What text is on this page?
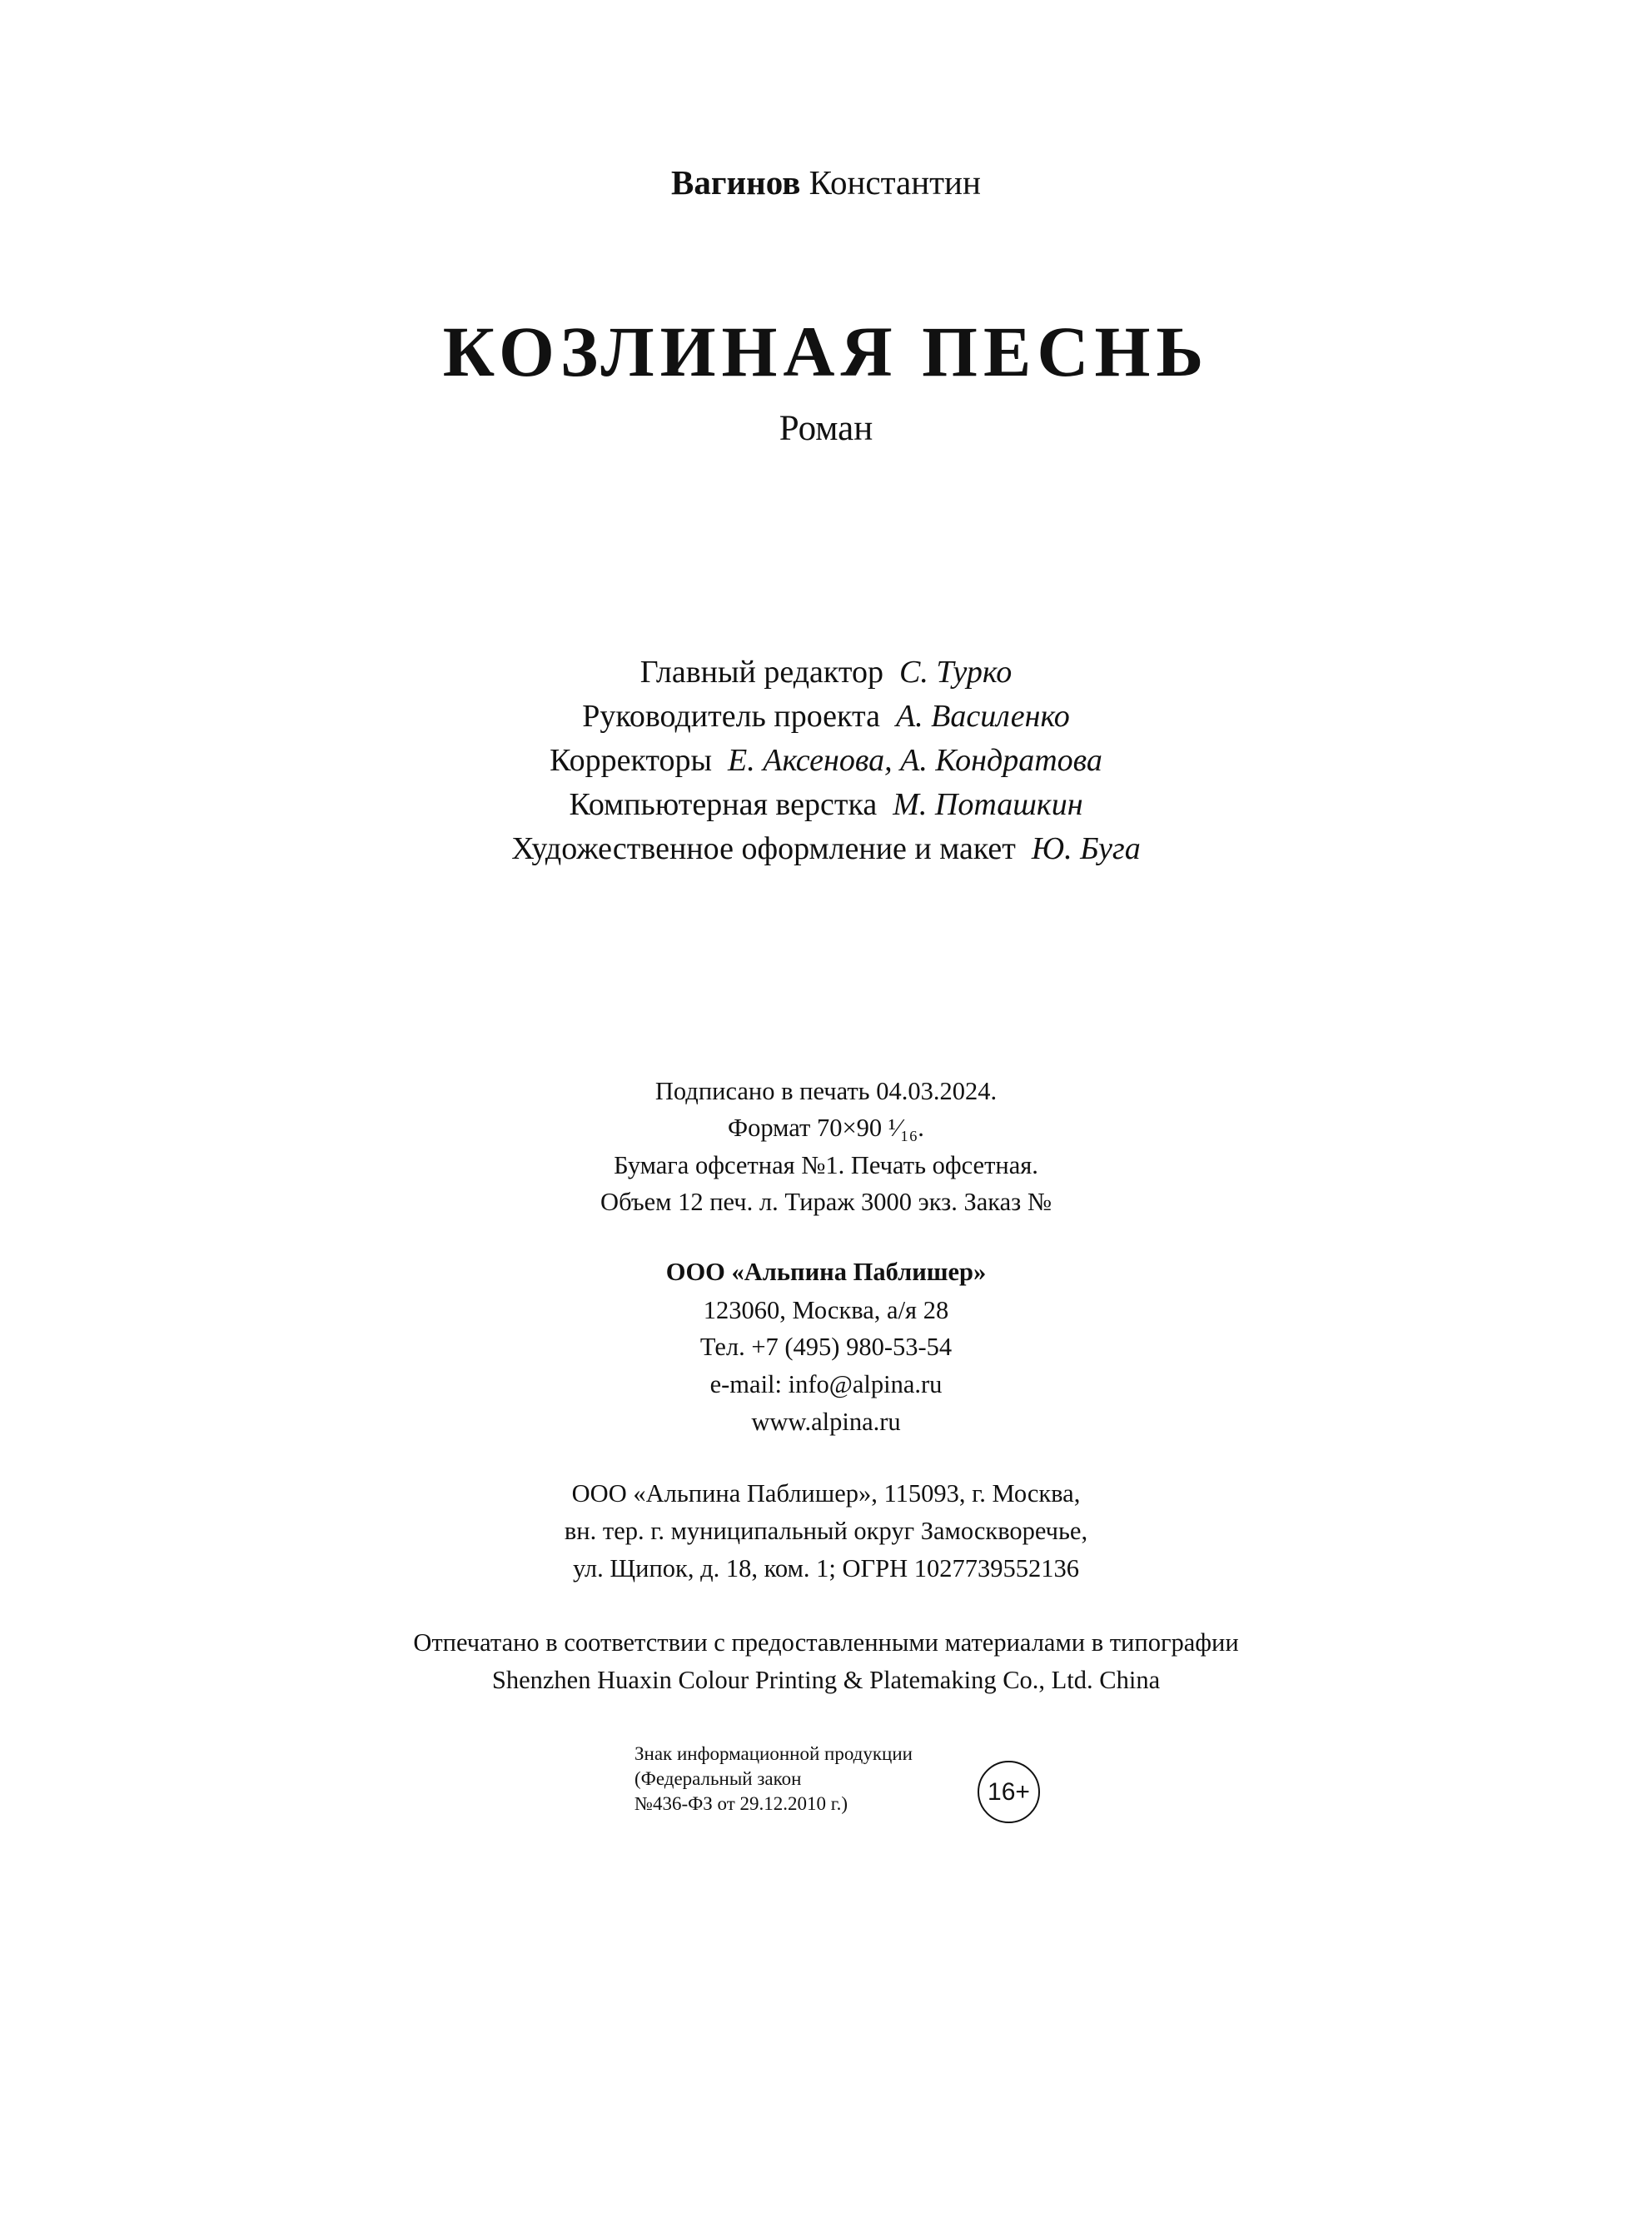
Вагинов Константин
КОЗЛИНАЯ ПЕСНЬ
Роман
Главный редактор С. Турко
Руководитель проекта А. Василенко
Корректоры Е. Аксенова, А. Кондратова
Компьютерная верстка М. Поташкин
Художественное оформление и макет Ю. Буга
Подписано в печать 04.03.2024.
Формат 70×90 ¹⁄₁₆.
Бумага офсетная №1. Печать офсетная.
Объем 12 печ. л. Тираж 3000 экз. Заказ №
ООО «Альпина Паблишер»
123060, Москва, а/я 28
Тел. +7 (495) 980-53-54
e-mail: info@alpina.ru
www.alpina.ru
ООО «Альпина Паблишер», 115093, г. Москва,
вн. тер. г. муниципальный округ Замоскворечье,
ул. Щипок, д. 18, ком. 1; ОГРН 1027739552136
Отпечатано в соответствии с предоставленными материалами в типографии
Shenzhen Huaxin Colour Printing & Platemaking Co., Ltd. China
Знак информационной продукции
(Федеральный закон
№436-ФЗ от 29.12.2010 г.)	16+
